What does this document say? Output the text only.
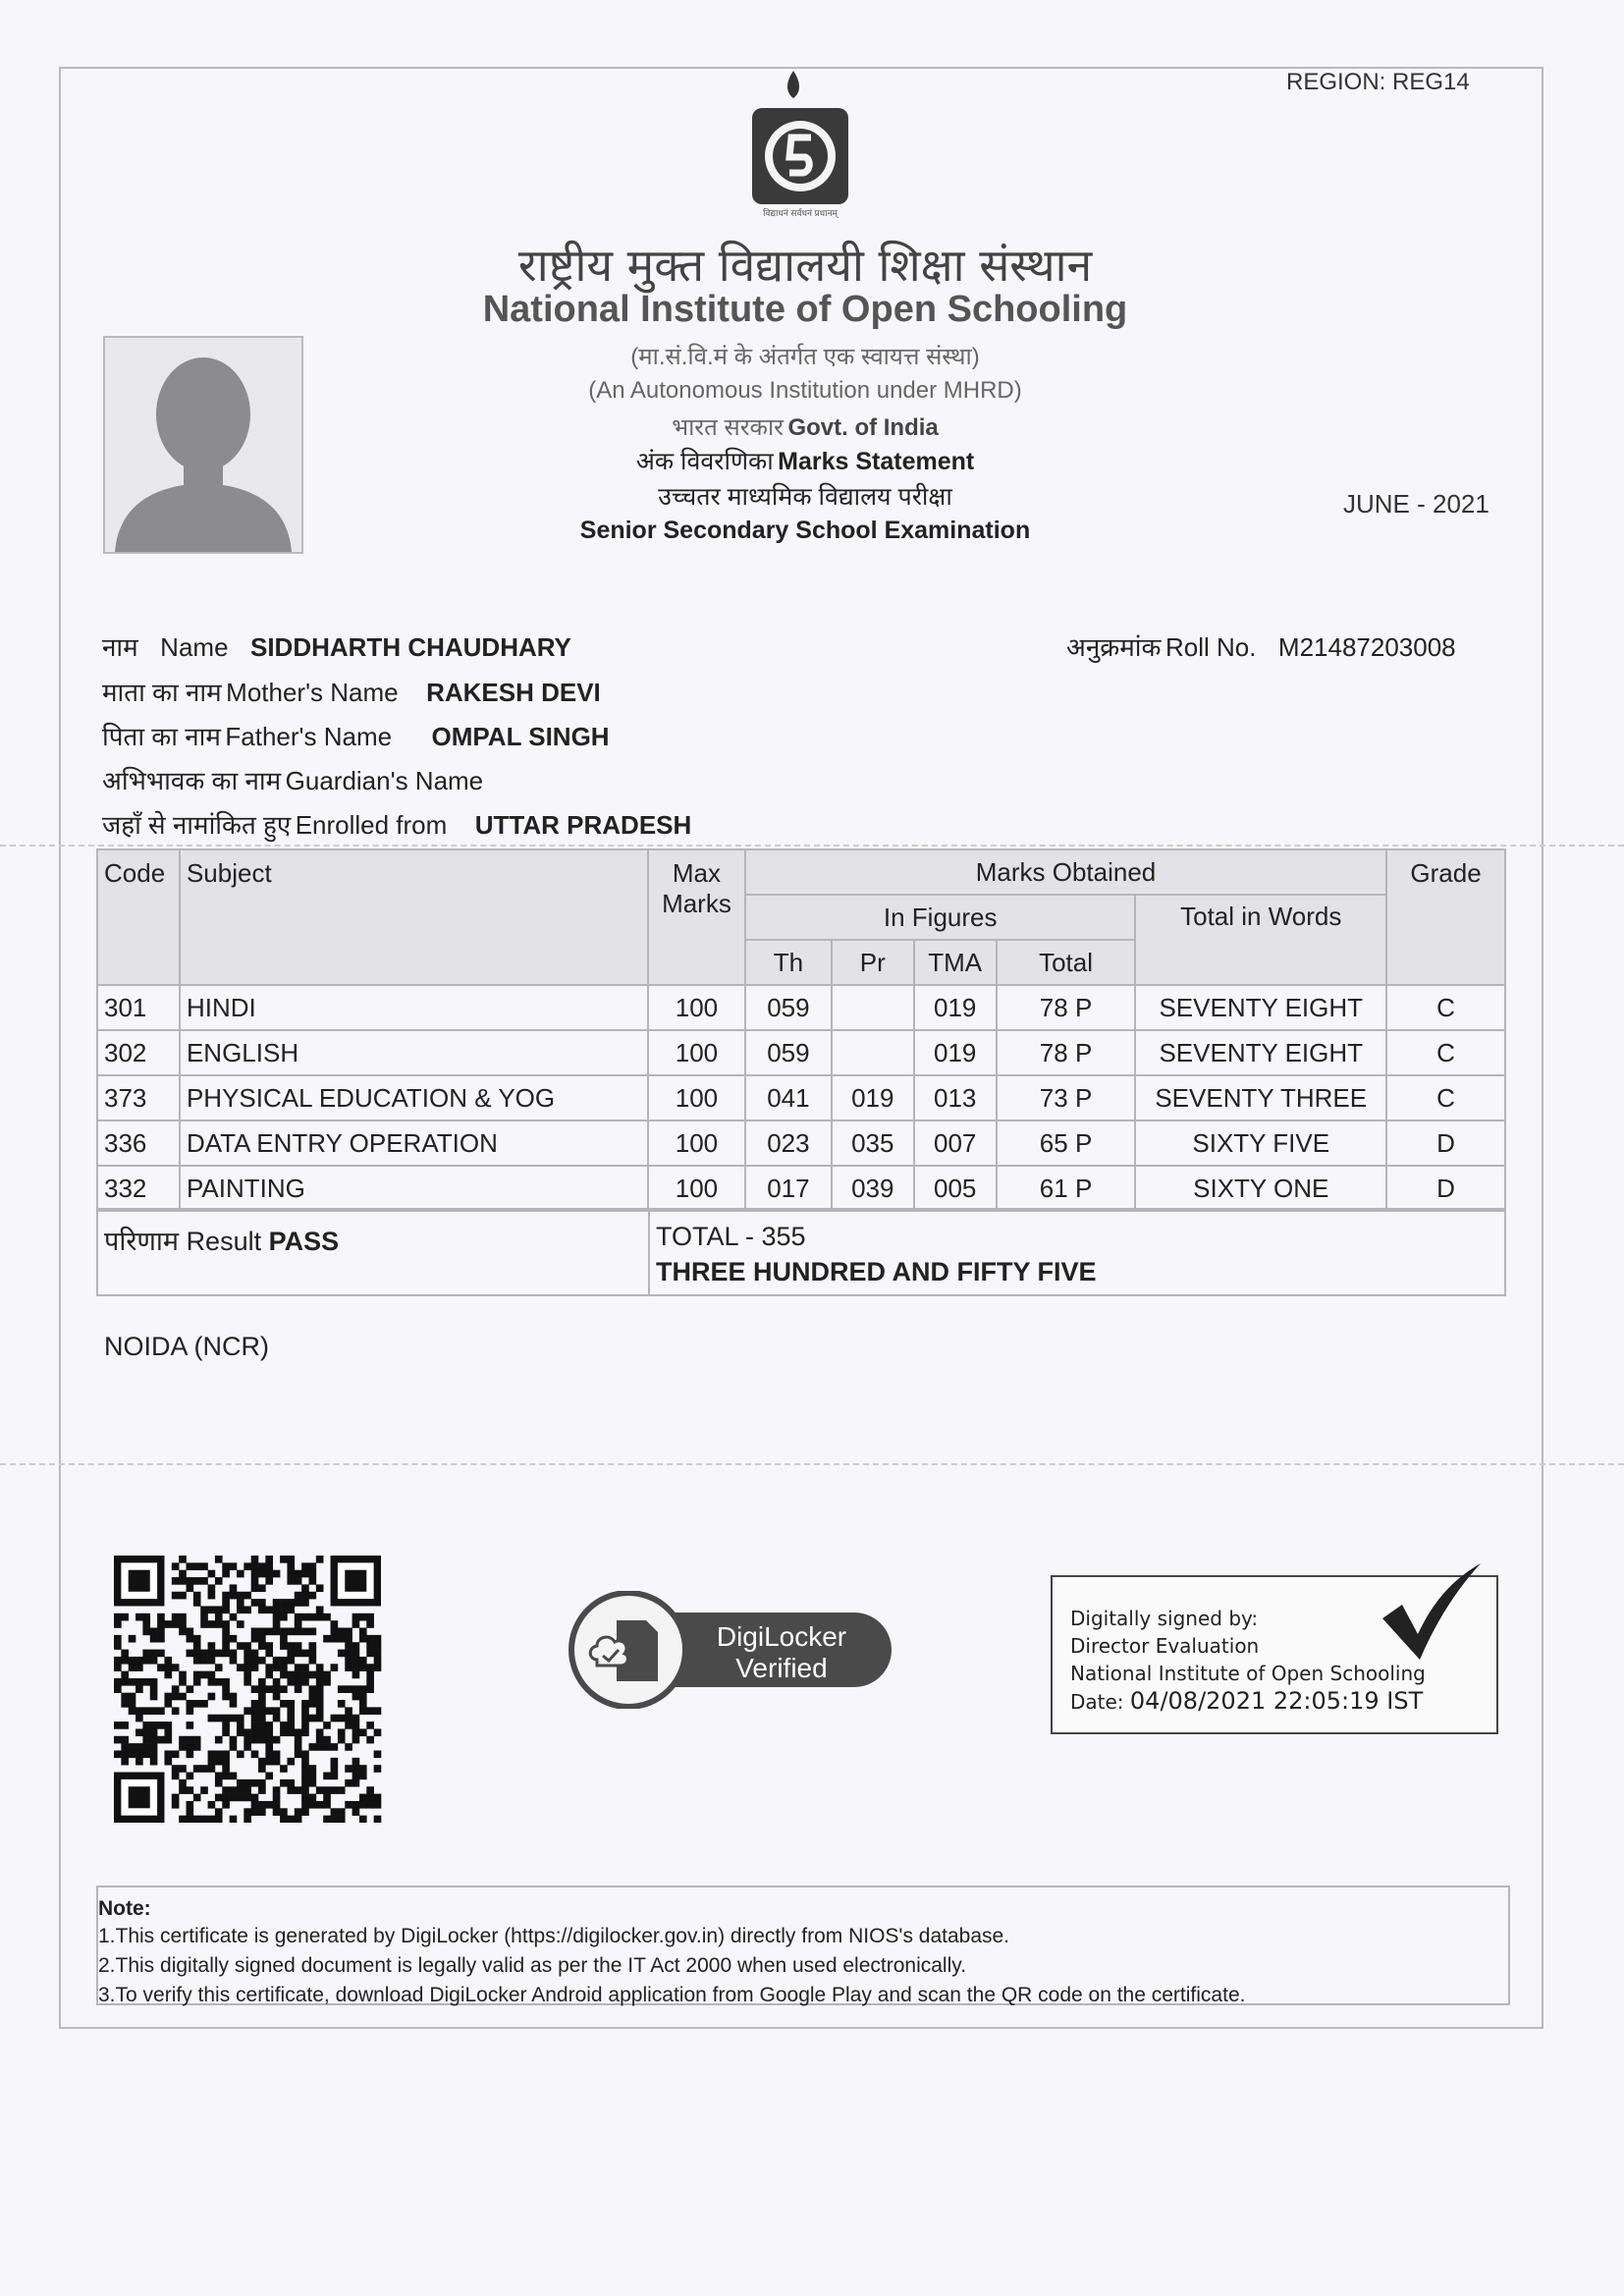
REGION: REG14
विद्याधनं सर्वधनं प्रधानम्
राष्ट्रीय मुक्त विद्यालयी शिक्षा संस्थान
National Institute of Open Schooling
(मा.सं.वि.मं के अंतर्गत एक स्वायत्त संस्था)
(An Autonomous Institution under MHRD)
भारत सरकार Govt. of India
अंक विवरणिका Marks Statement
उच्चतर माध्यमिक विद्यालय परीक्षा
Senior Secondary School Examination
JUNE - 2021
नाम Name SIDDHARTH CHAUDHARY	अनुक्रमांक Roll No. M21487203008
माता का नाम Mother's Name RAKESH DEVI
पिता का नाम Father's Name OMPAL SINGH
अभिभावक का नाम Guardian's Name
जहाँ से नामांकित हुए Enrolled from UTTAR PRADESH
Code	Subject	Max Marks	Marks Obtained					Grade
			In Figures				Total in Words	
			Th	Pr	TMA	Total		
301	HINDI	100	059		019	78 P	SEVENTY EIGHT	C
302	ENGLISH	100	059		019	78 P	SEVENTY EIGHT	C
373	PHYSICAL EDUCATION & YOG	100	041	019	013	73 P	SEVENTY THREE	C
336	DATA ENTRY OPERATION	100	023	035	007	65 P	SIXTY FIVE	D
332	PAINTING	100	017	039	005	61 P	SIXTY ONE	D
परिणाम Result PASS	TOTAL - 355
THREE HUNDRED AND FIFTY FIVE
NOIDA (NCR)
DigiLocker
Verified
Digitally signed by:
Director Evaluation
National Institute of Open Schooling
Date: 04/08/2021 22:05:19 IST
Note:
1.This certificate is generated by DigiLocker (https://digilocker.gov.in) directly from NIOS's database.
2.This digitally signed document is legally valid as per the IT Act 2000 when used electronically.
3.To verify this certificate, download DigiLocker Android application from Google Play and scan the QR code on the certificate.
